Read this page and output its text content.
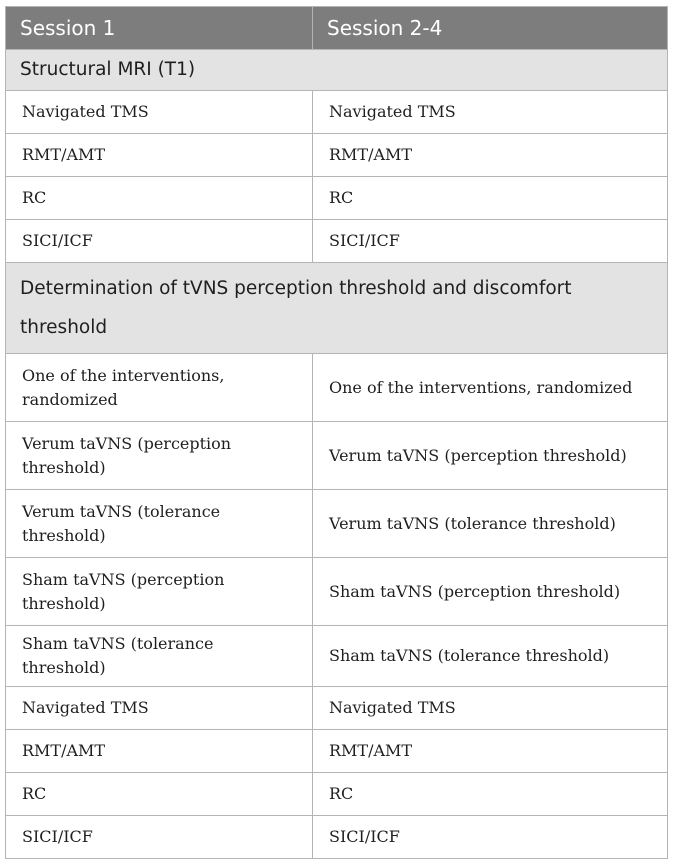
Session 1	Session 2-4
Structural MRI (T1)	
Navigated TMS	Navigated TMS
RMT/AMT	RMT/AMT
RC	RC
SICI/ICF	SICI/ICF
Determination of tVNS perception threshold and discomfort threshold	
One of the interventions, randomized	One of the interventions, randomized
Verum taVNS (perception threshold)	Verum taVNS (perception threshold)
Verum taVNS (tolerance threshold)	Verum taVNS (tolerance threshold)
Sham taVNS (perception threshold)	Sham taVNS (perception threshold)
Sham taVNS (tolerance threshold)	Sham taVNS (tolerance threshold)
Navigated TMS	Navigated TMS
RMT/AMT	RMT/AMT
RC	RC
SICI/ICF	SICI/ICF
